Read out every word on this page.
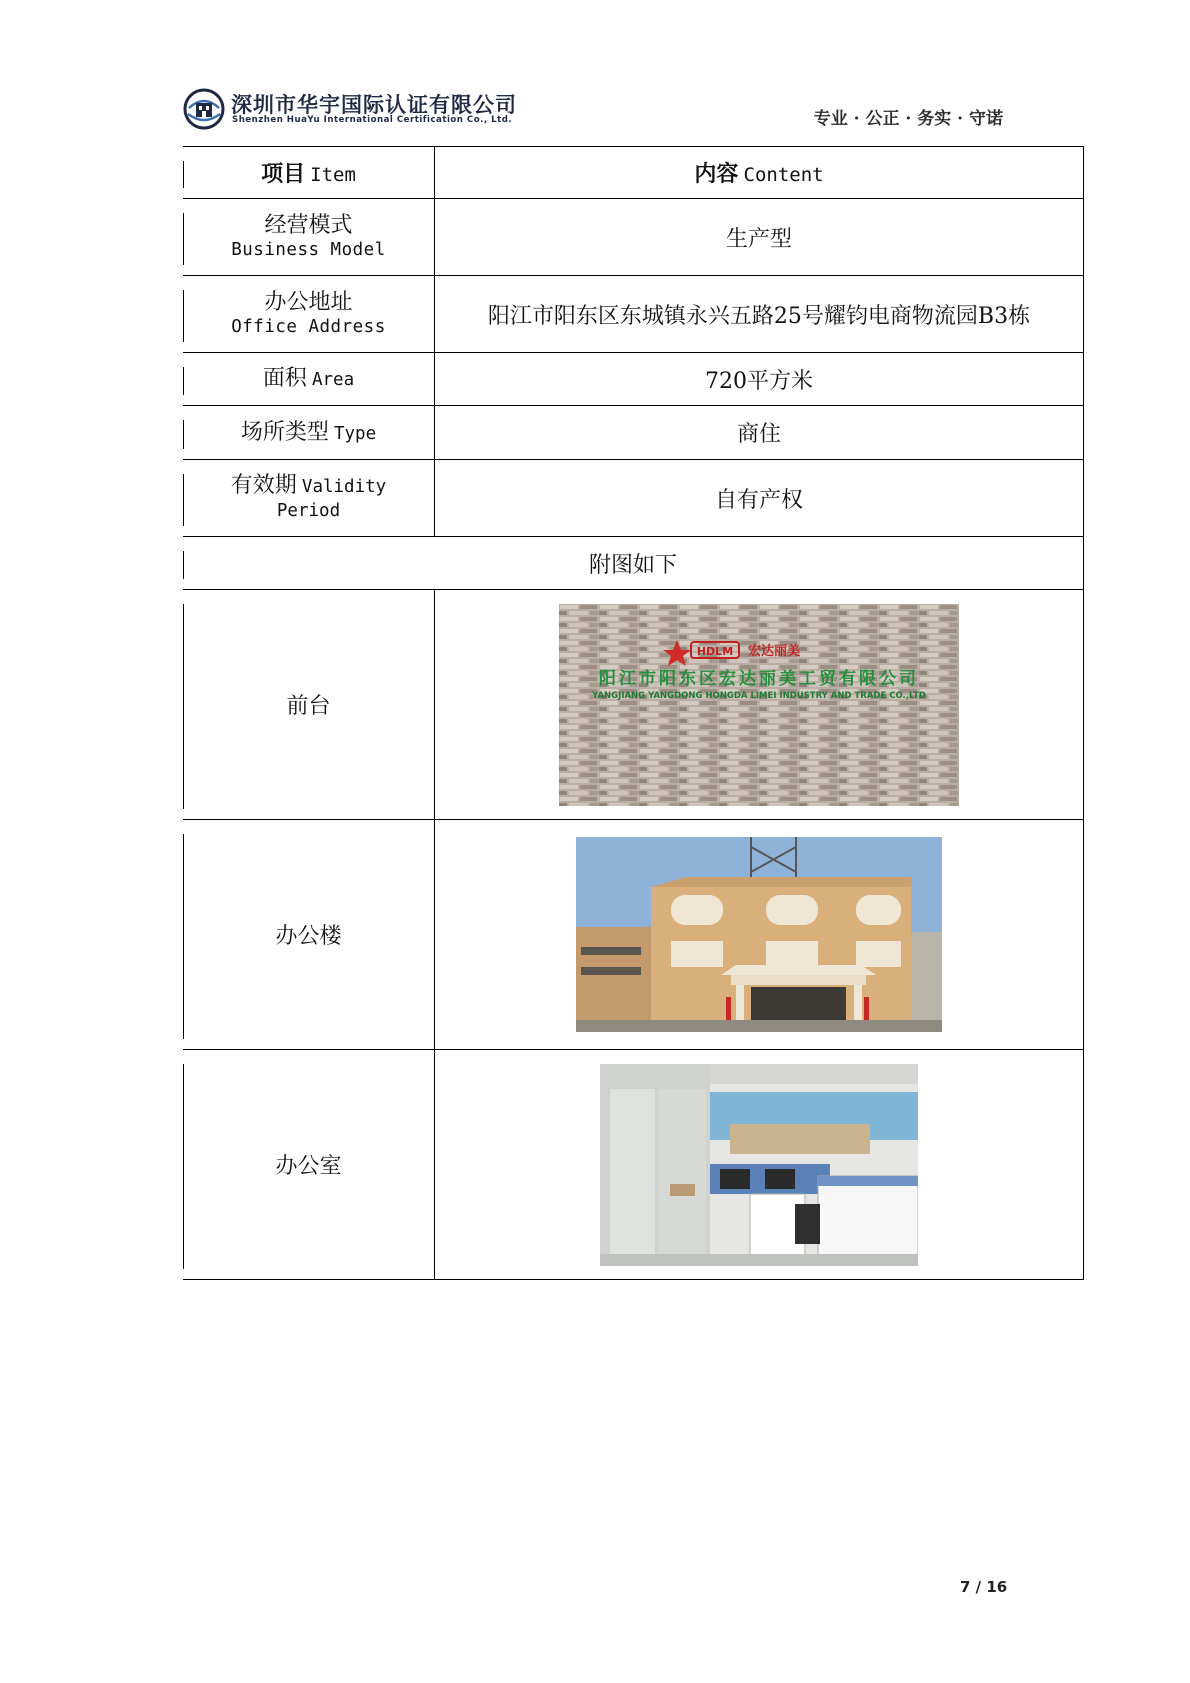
深圳市华宇国际认证有限公司
Shenzhen HuaYu International Certification Co., Ltd.	专业 · 公正 · 务实 · 守诺
项目 Item	内容 Content

经营模式
Business Model	生产型

办公地址
Office Address	阳江市阳东区东城镇永兴五路25号耀钧电商物流园B3栋
面积 Area	720平方米
场所类型 Type	商住

有效期 Validity Period	自有产权
附图如下	
前台	HDLM 宏达丽美
阳江市阳东区宏达丽美工贸有限公司
YANGJIANG YANGDONG HONGDA LIMEI INDUSTRY AND TRADE CO.,LTD

办公楼	

办公室	
7 / 16
